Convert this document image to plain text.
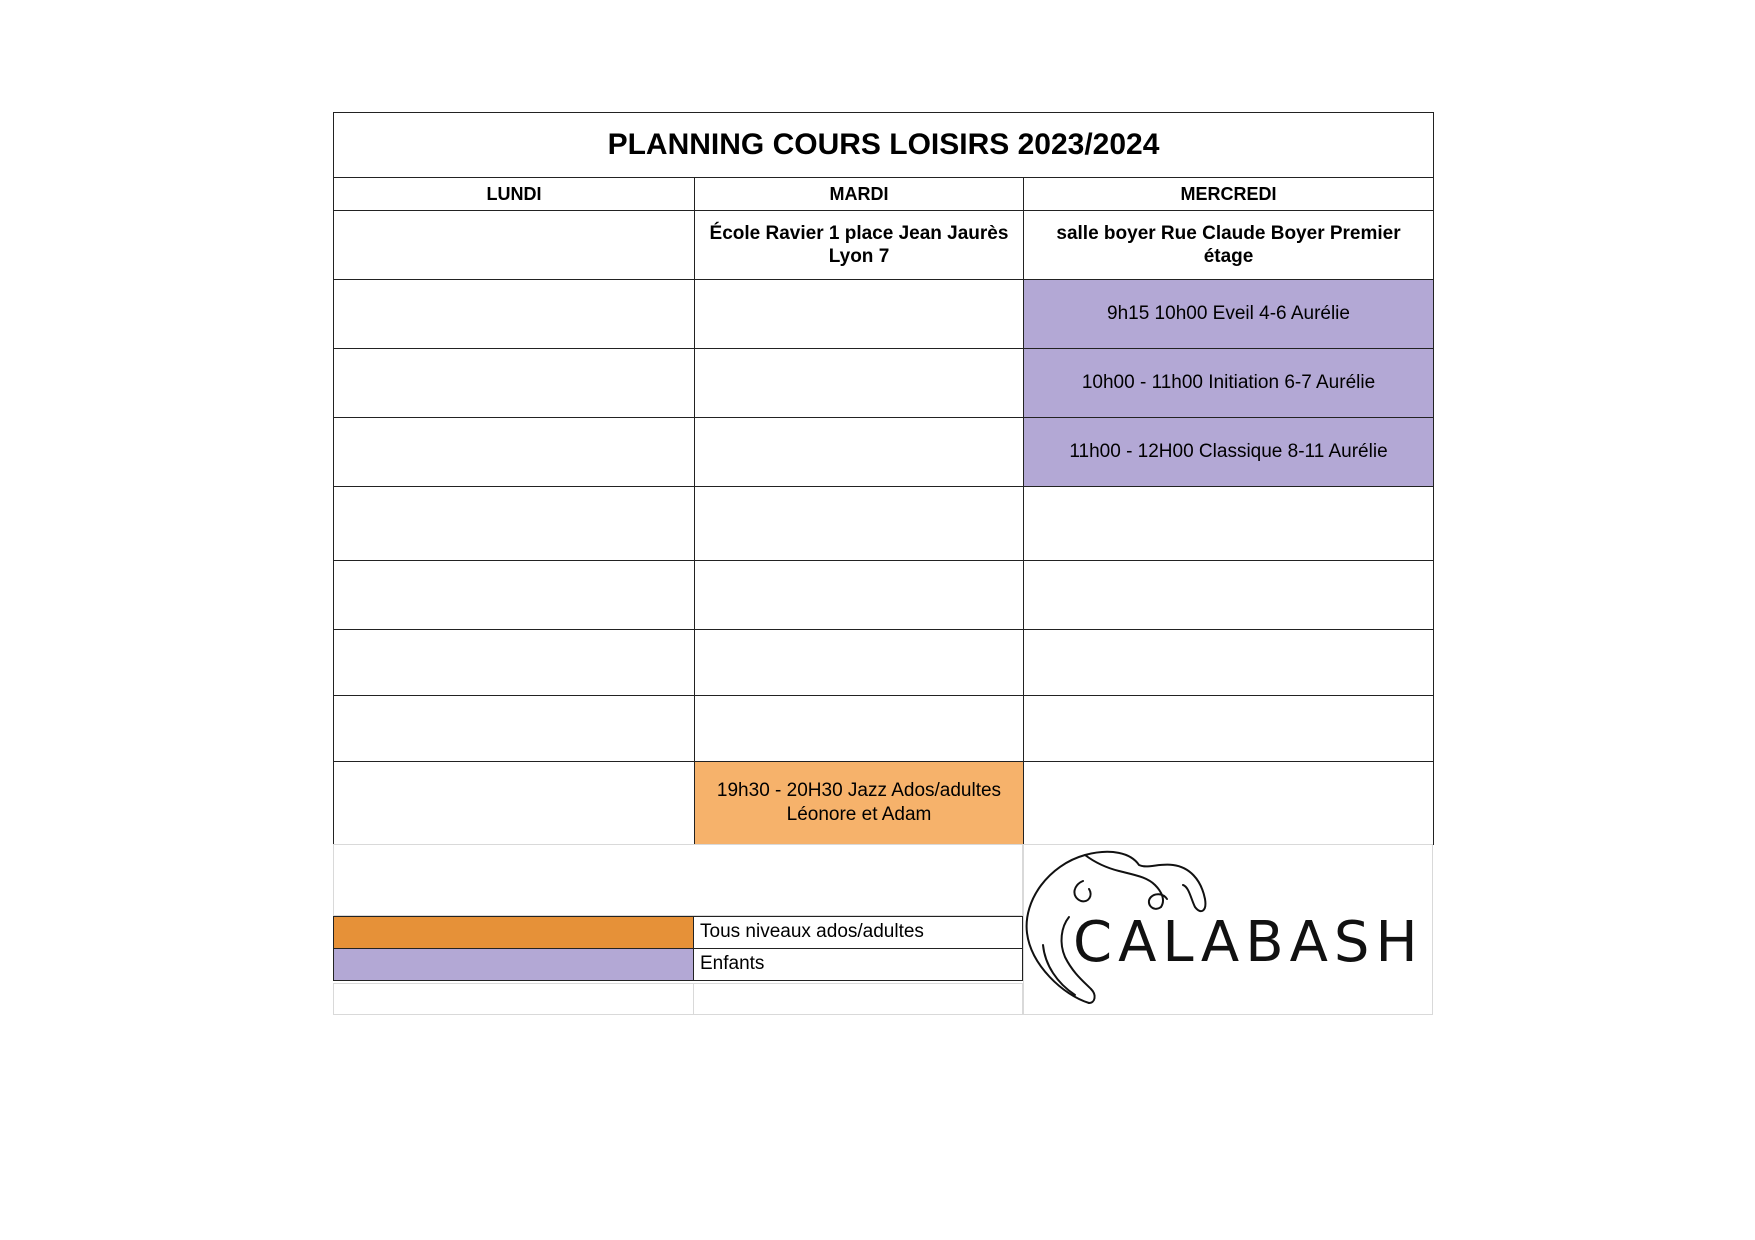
PLANNING COURS LOISIRS 2023/2024		
LUNDI	MARDI	MERCREDI
	École Ravier 1 place Jean Jaurès Lyon 7	salle boyer Rue Claude Boyer Premier étage
		9h15 10h00 Eveil 4-6 Aurélie
		10h00 - 11h00 Initiation 6-7 Aurélie
		11h00 - 12H00 Classique 8-11 Aurélie

	19h30 - 20H30 Jazz Ados/adultes Léonore et Adam	
Tous niveaux ados/adultes
Enfants	CALABASH
